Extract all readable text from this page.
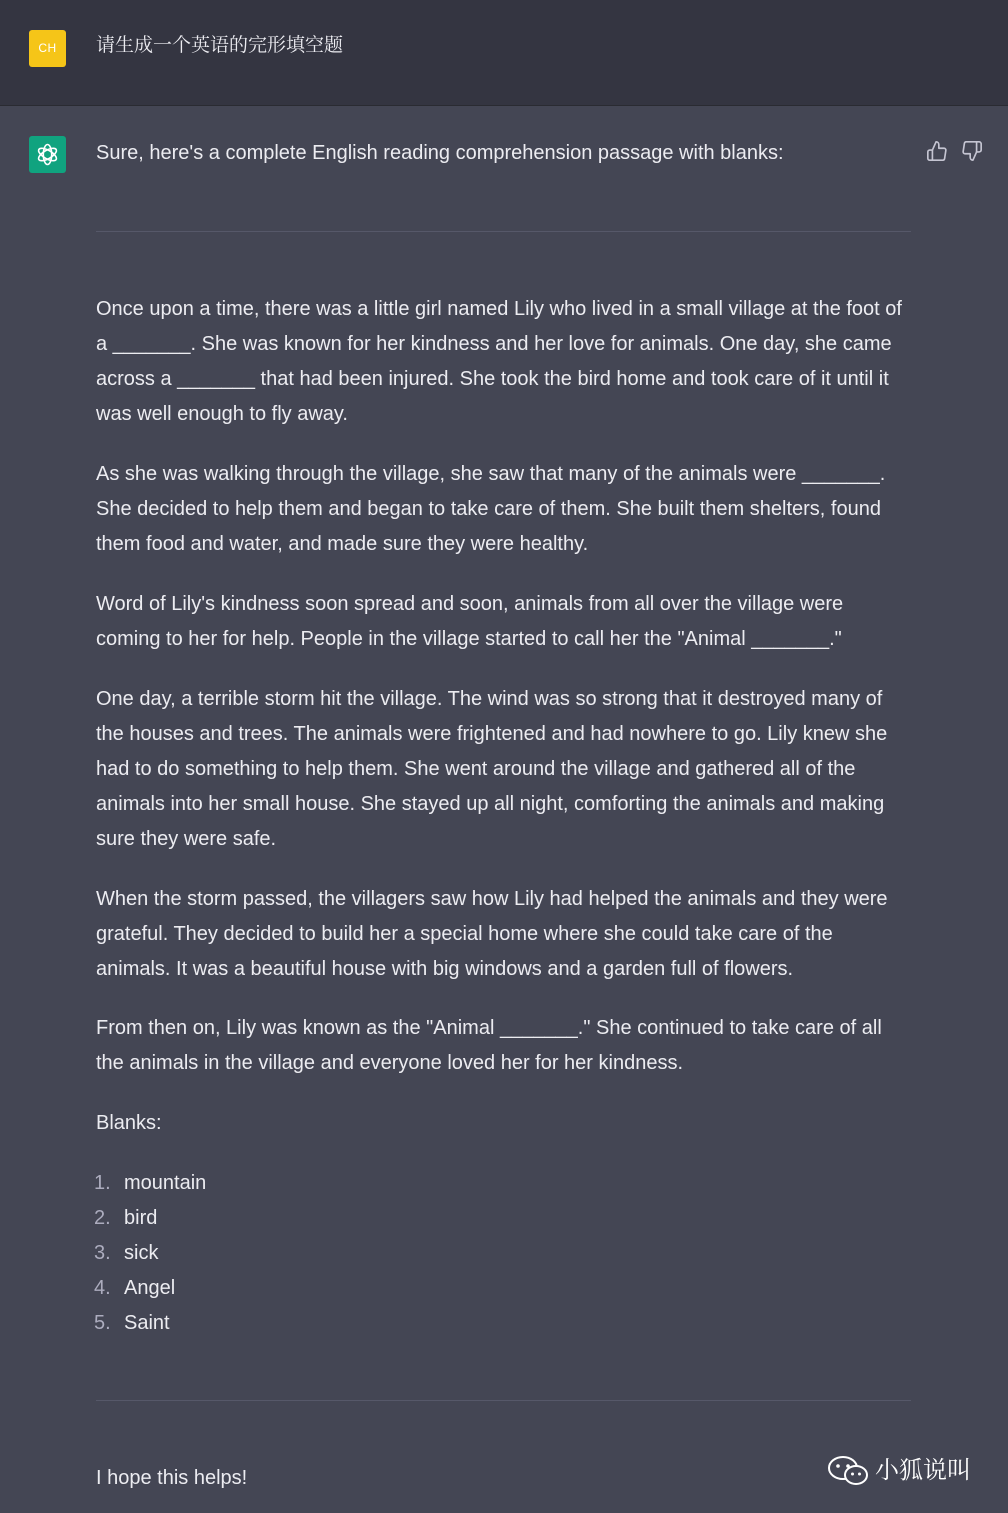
CH	请生成一个英语的完形填空题
Sure, here's a complete English reading comprehension passage with blanks:

Once upon a time, there was a little girl named Lily who lived in a small village at the foot of a _______. She was known for her kindness and her love for animals. One day, she came across a _______ that had been injured. She took the bird home and took care of it until it was well enough to fly away.

As she was walking through the village, she saw that many of the animals were _______. She decided to help them and began to take care of them. She built them shelters, found them food and water, and made sure they were healthy.

Word of Lily's kindness soon spread and soon, animals from all over the village were coming to her for help. People in the village started to call her the "Animal _______."

One day, a terrible storm hit the village. The wind was so strong that it destroyed many of the houses and trees. The animals were frightened and had nowhere to go. Lily knew she had to do something to help them. She went around the village and gathered all of the animals into her small house. She stayed up all night, comforting the animals and making sure they were safe.

When the storm passed, the villagers saw how Lily had helped the animals and they were grateful. They decided to build her a special home where she could take care of the animals. It was a beautiful house with big windows and a garden full of flowers.

From then on, Lily was known as the "Animal _______." She continued to take care of all the animals in the village and everyone loved her for her kindness.

Blanks:

1. mountain
2. bird
3. sick
4. Angel
5. Saint
I hope this helps!	小狐说叫
